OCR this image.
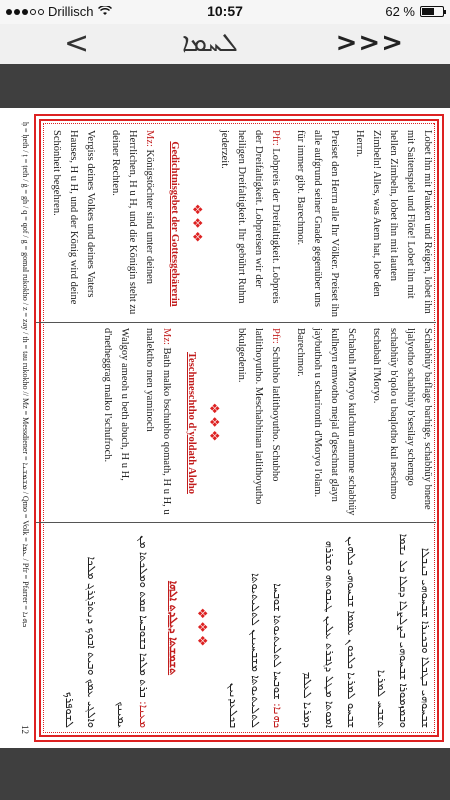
Drillisch	10:57	62 %
<	ܠܚܡܐ	>>>

Lobet ihn mit Pauken und Reigen, lobet ihn mit Saitenspiel und Flöte! Lobet ihn mit hellen Zimbeln, lobet ihn mit lauten Zimbeln! Alles, was Atem hat, lobe den Herrn.

Preiset den Herrn alle Ihr Völker. Preiset ihn alle aufgrund seiner Gnade gegenüber uns für immer gibt. Barechmor.

Pfr: Lobpreis der Dreifaltigkeit. Lobpreis der Dreifaltigkeit. Lobpreisen wir der heiligen Dreifaltigkeit. Ihr gebührt Ruhm jederzeit.

❖❖❖
Gedichtnisgebet der Gottesgebärerin

Mz: Königstöchter sind unter deinen Herrlichen, H u H, und die Königin steht zu deiner Rechten.

Vergiss deines Volkes und deines Vaters Hauses, H u H, und der König wird deine Schönheit begehren.

Schabhüy baflage barhige, schabhüy bnene ljalyotho schabhüy b'sesilay schemgo schabhüy b'qolo u baqlotho kul neschmo tschabah l'Moryo.

Schabuh l'Moryo kulchun ammme schabhüy kulheyn emwotho mejal d'geschnat glayn jaybuthoh u scharironth d'Moryo l'olam. Barechmor.

Pfr: Schubho latlithoyutho. Schubho latlithoyutho. Meschabhinan latlithoyutho bkulgedenin.

❖❖❖
Teschmeschtho d'yoldath Aloho

Mz: Bath malko bschubho qomath, H u H, u malektho men yaminoch

Walgoy ameoh u beth abuch, H u H, d'netheggrag malko l'schufroch.

ܫܒܚܘܗܝ ܒܛܒܠܐ ܘܒܟܢܪܐ ܫܒܚܘܗܝ ܒܢܒܠܐ ܘܒܡܙܡܘܪܐ ܫܒܚܘܗܝ ܒܨܠܨܠܐ ܕܩܠܐ ܟܠ ܢܫܡܐ ܬܫܒܚ ܠܡܪܝܐ

ܫܒܚܘ ܠܡܪܝܐ ܟܠܟܘܢ ܥܡܡܐ ܫܒܚܘܗܝ ܟܠܗܝܢ ܐܡܘܬܐ ܡܛܠ ܕܓܒܪܬ ܥܠܝܢ ܛܝܒܘܬܗ ܘܫܪܪܗ ܕܡܪܝܐ ܠܥܠܡ

ܟܗܢܐ: ܫܘܒܚܐ ܠܬܠܝܬܝܘܬܐ ܫܘܒܚܐ ܠܬܠܝܬܝܘܬܐ ܡܫܒܚܝܢܢ ܠܬܠܝܬܝܘܬܐ ܒܟܠܥܕܢܝܢ

❖❖❖
ܬܫܡܫܬܐ ܕܝܠܕܬ ܐܠܗܐ

ܡܥܢܐ: ܒܪܬ ܡܠܟܐ ܒܫܘܒܚܐ ܩܡܬ ܘܡܠܟܬܐ ܡܢ ܝܡܝܢܟ

ܘܐܠܓܝ ܥܡܟ ܘܒܝܬ ܐܒܘܟ ܕܢܬܪܓܪܓ ܡܠܟܐ ܠܫܘܦܪܟ

ḥ = ḥeth / ṭ = ṭeth / ġ = gh / q = qof / g = gomal rukokho / z = zay / th = tau rukokho // Mz = Messdiener = ܡܫܡܫܢܐ / Qmo = Volk = ܥܡܐ / Pfr = Pfarrer = ܟܗܢܐ
12
